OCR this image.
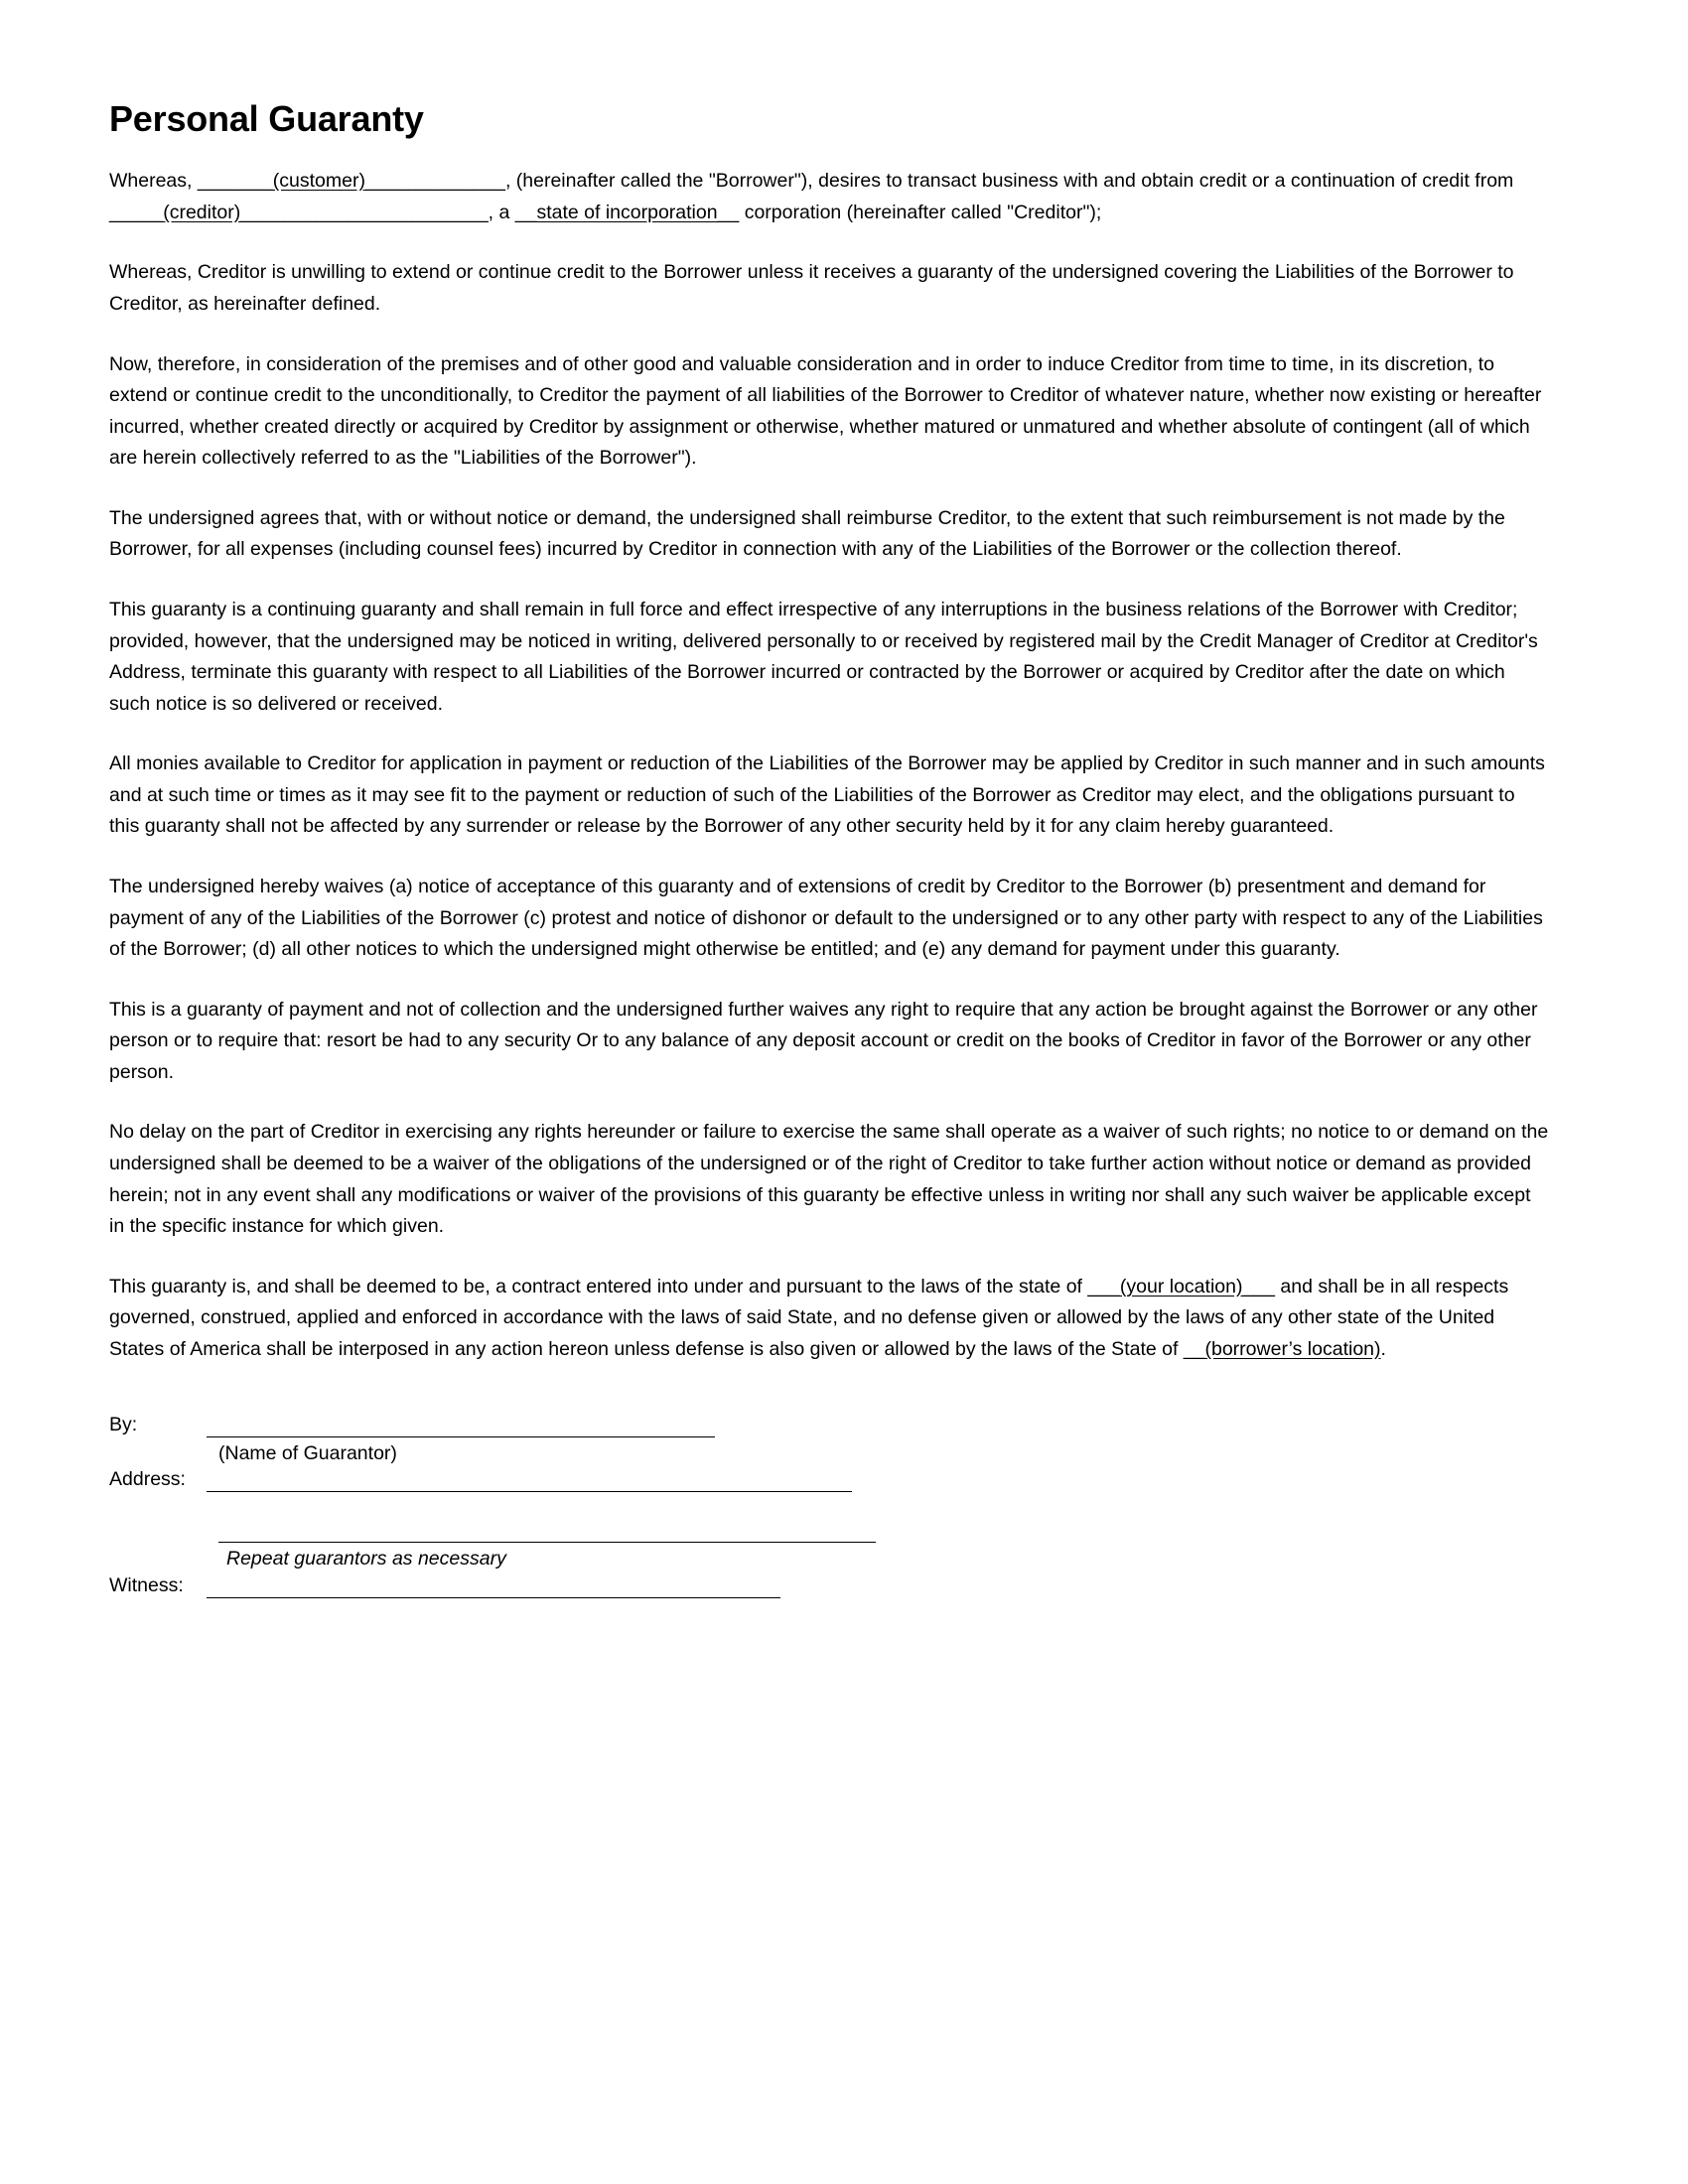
Personal Guaranty

Whereas, _______(customer)_____________, (hereinafter called the "Borrower"), desires to transact business with and obtain credit or a continuation of credit from _____(creditor)_______________________, a __state of incorporation__ corporation (hereinafter called "Creditor");

Whereas, Creditor is unwilling to extend or continue credit to the Borrower unless it receives a guaranty of the undersigned covering the Liabilities of the Borrower to Creditor, as hereinafter defined.

Now, therefore, in consideration of the premises and of other good and valuable consideration and in order to induce Creditor from time to time, in its discretion, to extend or continue credit to the unconditionally, to Creditor the payment of all liabilities of the Borrower to Creditor of whatever nature, whether now existing or hereafter incurred, whether created directly or acquired by Creditor by assignment or otherwise, whether matured or unmatured and whether absolute of contingent (all of which are herein collectively referred to as the "Liabilities of the Borrower").

The undersigned agrees that, with or without notice or demand, the undersigned shall reimburse Creditor, to the extent that such reimbursement is not made by the Borrower, for all expenses (including counsel fees) incurred by Creditor in connection with any of the Liabilities of the Borrower or the collection thereof.

This guaranty is a continuing guaranty and shall remain in full force and effect irrespective of any interruptions in the business relations of the Borrower with Creditor; provided, however, that the undersigned may be noticed in writing, delivered personally to or received by registered mail by the Credit Manager of Creditor at Creditor's Address, terminate this guaranty with respect to all Liabilities of the Borrower incurred or contracted by the Borrower or acquired by Creditor after the date on which such notice is so delivered or received.

All monies available to Creditor for application in payment or reduction of the Liabilities of the Borrower may be applied by Creditor in such manner and in such amounts and at such time or times as it may see fit to the payment or reduction of such of the Liabilities of the Borrower as Creditor may elect, and the obligations pursuant to this guaranty shall not be affected by any surrender or release by the Borrower of any other security held by it for any claim hereby guaranteed.

The undersigned hereby waives (a) notice of acceptance of this guaranty and of extensions of credit by Creditor to the Borrower (b) presentment and demand for payment of any of the Liabilities of the Borrower (c) protest and notice of dishonor or default to the undersigned or to any other party with respect to any of the Liabilities of the Borrower; (d) all other notices to which the undersigned might otherwise be entitled; and (e) any demand for payment under this guaranty.

This is a guaranty of payment and not of collection and the undersigned further waives any right to require that any action be brought against the Borrower or any other person or to require that: resort be had to any security Or to any balance of any deposit account or credit on the books of Creditor in favor of the Borrower or any other person.

No delay on the part of Creditor in exercising any rights hereunder or failure to exercise the same shall operate as a waiver of such rights; no notice to or demand on the undersigned shall be deemed to be a waiver of the obligations of the undersigned or of the right of Creditor to take further action without notice or demand as provided herein; not in any event shall any modifications or waiver of the provisions of this guaranty be effective unless in writing nor shall any such waiver be applicable except in the specific instance for which given.

This guaranty is, and shall be deemed to be, a contract entered into under and pursuant to the laws of the state of ___(your location)___ and shall be in all respects governed, construed, applied and enforced in accordance with the laws of said State, and no defense given or allowed by the laws of any other state of the United States of America shall be interposed in any action hereon unless defense is also given or allowed by the laws of the State of __(borrower’s location).

By:
(Name of Guarantor)
Address:
Repeat guarantors as necessary
Witness:
